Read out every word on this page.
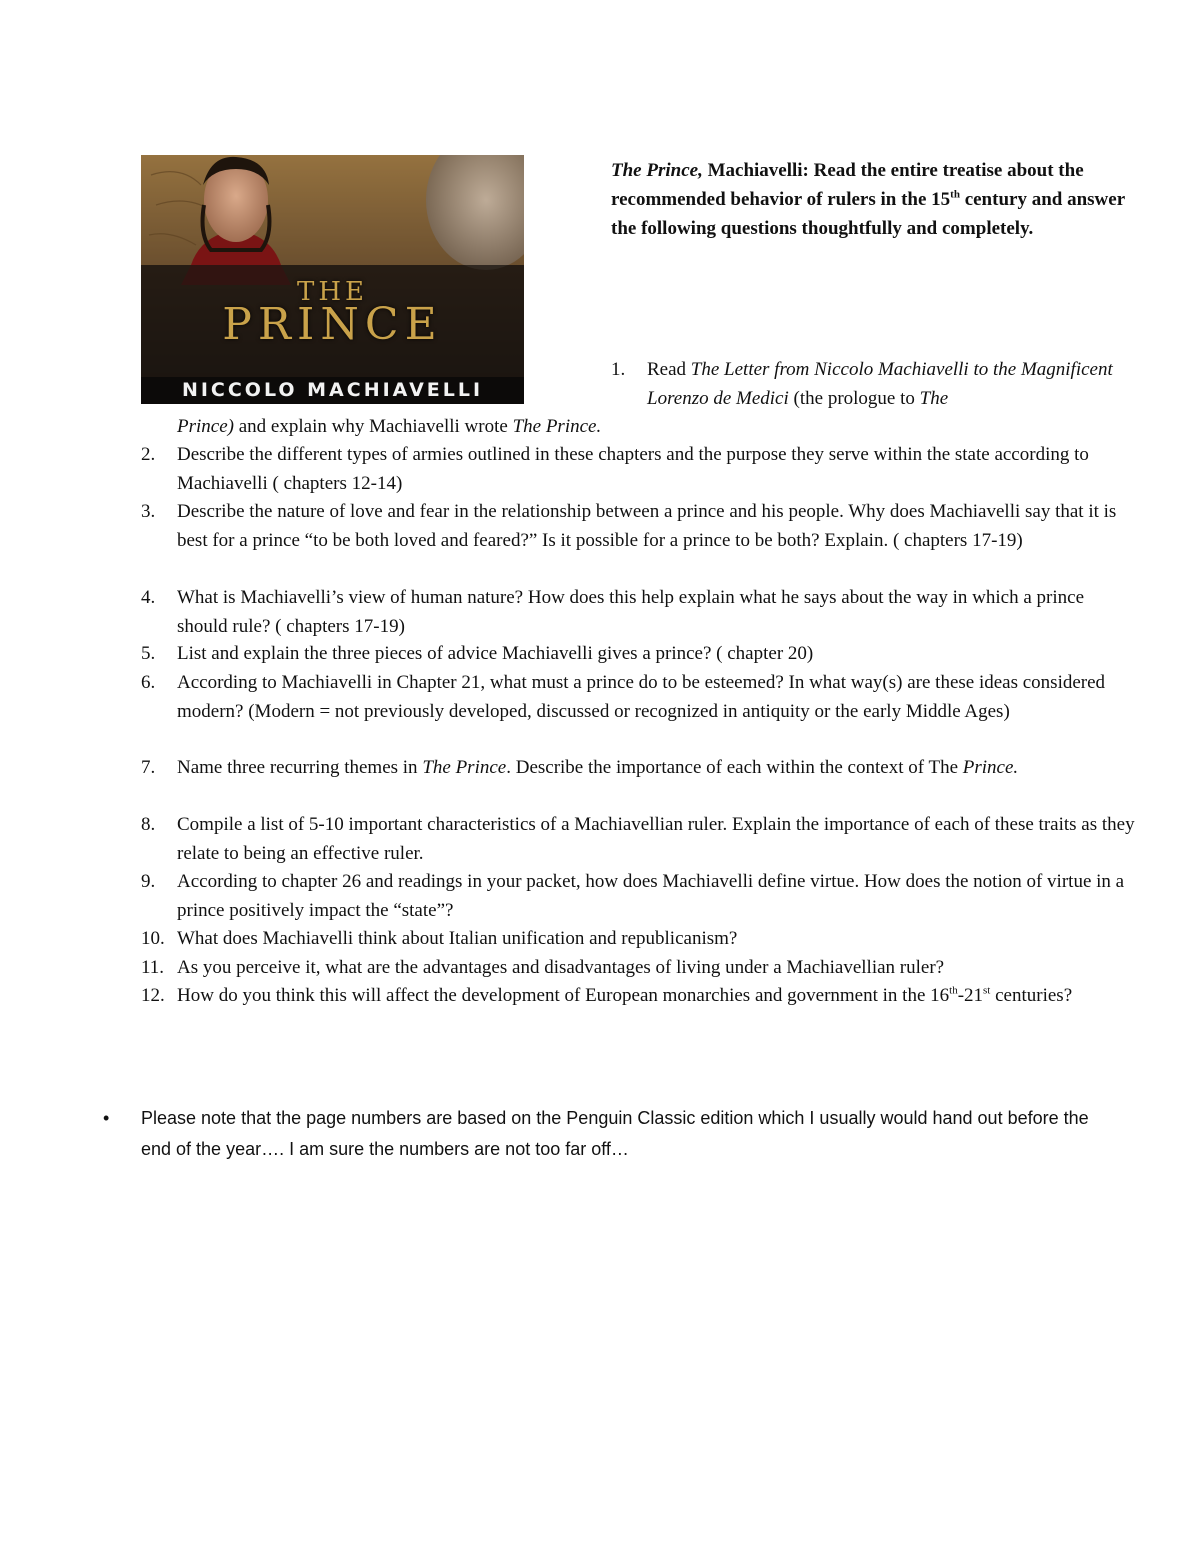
THE
PRINCE
NICCOLO MACHIAVELLI
The Prince, Machiavelli: Read the entire treatise about the recommended behavior of rulers in the 15th century and answer the following questions thoughtfully and completely.

1. Read The Letter from Niccolo Machiavelli to the Magnificent Lorenzo de Medici (the prologue to The

Prince) and explain why Machiavelli wrote The Prince.

2. Describe the different types of armies outlined in these chapters and the purpose they serve within the state according to Machiavelli ( chapters 12-14)

3. Describe the nature of love and fear in the relationship between a prince and his people. Why does Machiavelli say that it is best for a prince “to be both loved and feared?” Is it possible for a prince to be both? Explain. ( chapters 17-19)

4. What is Machiavelli’s view of human nature? How does this help explain what he says about the way in which a prince should rule? ( chapters 17-19)

5. List and explain the three pieces of advice Machiavelli gives a prince? ( chapter 20)

6. According to Machiavelli in Chapter 21, what must a prince do to be esteemed? In what way(s) are these ideas considered modern? (Modern = not previously developed, discussed or recognized in antiquity or the early Middle Ages)

7. Name three recurring themes in The Prince. Describe the importance of each within the context of The Prince.

8. Compile a list of 5-10 important characteristics of a Machiavellian ruler. Explain the importance of each of these traits as they relate to being an effective ruler.

9. According to chapter 26 and readings in your packet, how does Machiavelli define virtue. How does the notion of virtue in a prince positively impact the “state”?

10. What does Machiavelli think about Italian unification and republicanism?

11. As you perceive it, what are the advantages and disadvantages of living under a Machiavellian ruler?

12. How do you think this will affect the development of European monarchies and government in the 16th-21st centuries?

• Please note that the page numbers are based on the Penguin Classic edition which I usually would hand out before the end of the year…. I am sure the numbers are not too far off…
